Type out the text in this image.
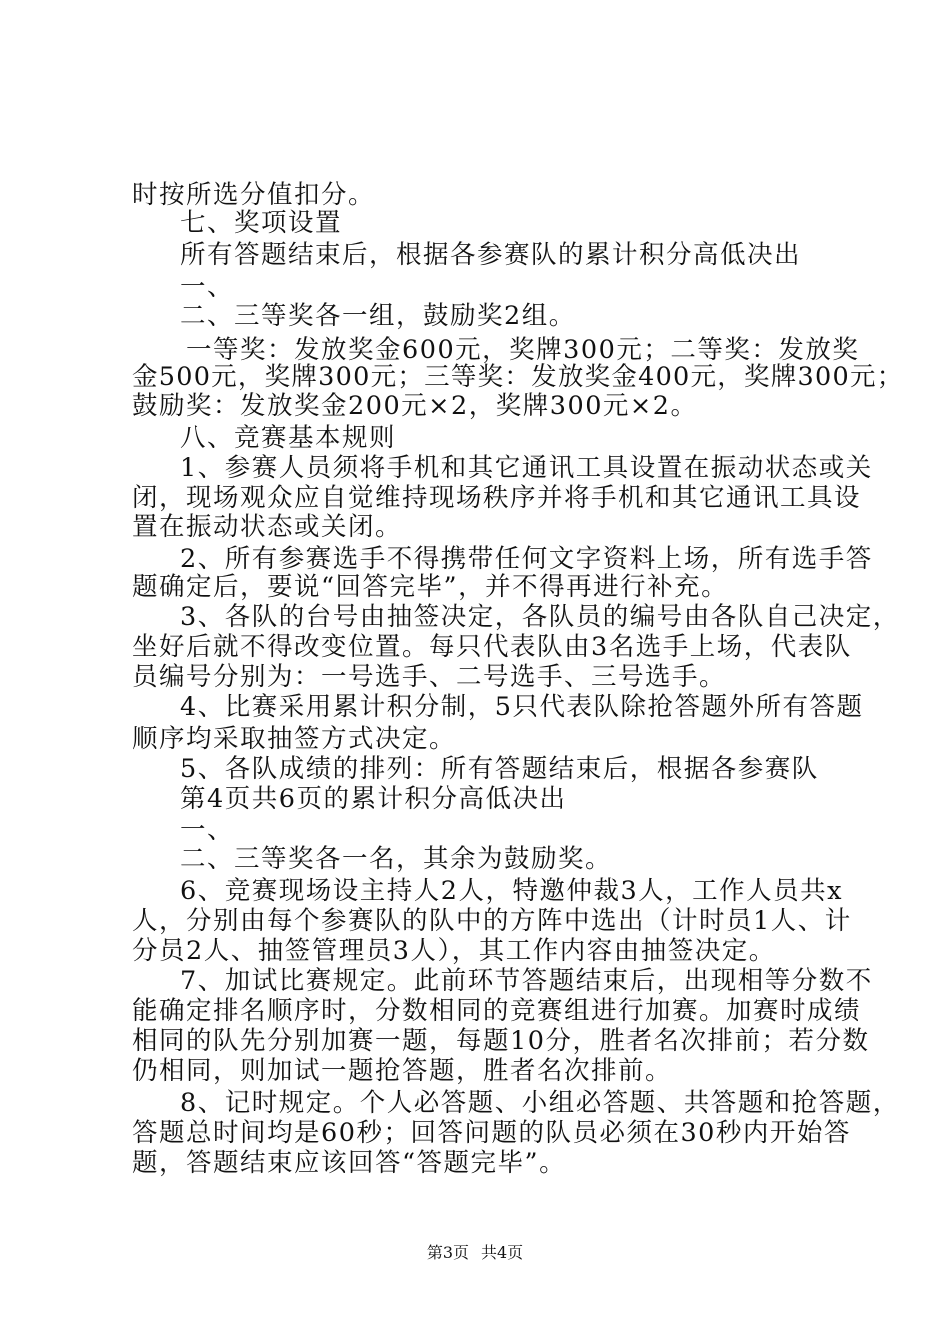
时按所选分值扣分。
七、奖项设置
所有答题结束后，根据各参赛队的累计积分高低决出
一、
二、三等奖各一组，鼓励奖2组。
一等奖：发放奖金600元，奖牌300元；二等奖：发放奖
金500元，奖牌300元；三等奖：发放奖金400元，奖牌300元；
鼓励奖：发放奖金200元×2，奖牌300元×2。
八、竞赛基本规则
1、参赛人员须将手机和其它通讯工具设置在振动状态或关
闭，现场观众应自觉维持现场秩序并将手机和其它通讯工具设
置在振动状态或关闭。
2、所有参赛选手不得携带任何文字资料上场，所有选手答
题确定后，要说“回答完毕”，并不得再进行补充。
3、各队的台号由抽签决定，各队员的编号由各队自己决定，
坐好后就不得改变位置。每只代表队由3名选手上场，代表队
员编号分别为：一号选手、二号选手、三号选手。
4、比赛采用累计积分制，5只代表队除抢答题外所有答题
顺序均采取抽签方式决定。
5、各队成绩的排列：所有答题结束后，根据各参赛队
第4页共6页的累计积分高低决出
一、
二、三等奖各一名，其余为鼓励奖。
6、竞赛现场设主持人2人，特邀仲裁3人，工作人员共x
人，分别由每个参赛队的队中的方阵中选出（计时员1人、计
分员2人、抽签管理员3人），其工作内容由抽签决定。
7、加试比赛规定。此前环节答题结束后，出现相等分数不
能确定排名顺序时，分数相同的竞赛组进行加赛。加赛时成绩
相同的队先分别加赛一题，每题10分，胜者名次排前；若分数
仍相同，则加试一题抢答题，胜者名次排前。
8、记时规定。个人必答题、小组必答题、共答题和抢答题，
答题总时间均是60秒；回答问题的队员必须在30秒内开始答
题，答题结束应该回答“答题完毕”。
第3页 共4页
